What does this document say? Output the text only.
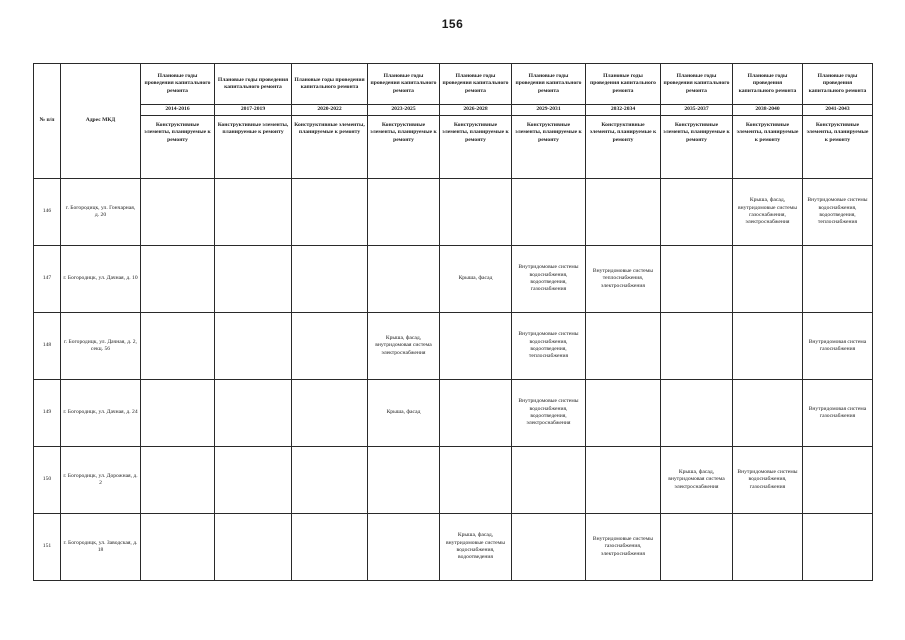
156
№ п/п	Адрес МКД	Плановые годы проведения капитального ремонта	Плановые годы проведения капитального ремонта	Плановые годы проведения капитального ремонта	Плановые годы проведения капитального ремонта	Плановые годы проведения капитального ремонта	Плановые годы проведения капитального ремонта	Плановые годы проведения капитального ремонта	Плановые годы проведения капитального ремонта	Плановые годы проведения капитального ремонта	Плановые годы проведения капитального ремонта
		2014-2016	2017-2019	2020-2022	2023-2025	2026-2028	2029-2031	2032-2034	2035-2037	2038-2040	2041-2043
		Конструктивные элементы, планируемые к ремонту	Конструктивные элементы, планируемые к ремонту	Конструктивные элементы, планируемые к ремонту	Конструктивные элементы, планируемые к ремонту	Конструктивные элементы, планируемые к ремонту	Конструктивные элементы, планируемые к ремонту	Конструктивные элементы, планируемые к ремонту	Конструктивные элементы, планируемые к ремонту	Конструктивные элементы, планируемые к ремонту	Конструктивные элементы, планируемые к ремонту
146	г. Богородицк, ул. Гончарная, д. 20									Крыша, фасад, внутридомовые системы газоснабжения, электроснабжения	Внутридомовые системы водоснабжения, водоотведения, теплоснабжения
147	г. Богородицк, ул. Дачная, д. 10					Крыша, фасад	Внутридомовые системы водоснабжения, водоотведения, газоснабжения	Внутридомовые системы теплоснабжения, электроснабжения			
148	г. Богородицк, ул. Дачная, д. 2, секц. 56				Крыша, фасад, внутридомовая система электроснабжения		Внутридомовые системы водоснабжения, водоотведения, теплоснабжения				Внутридомовая система газоснабжения
149	г. Богородицк, ул. Дачная, д. 24				Крыша, фасад		Внутридомовые системы водоснабжения, водоотведения, электроснабжения				Внутридомовая система газоснабжения
150	г. Богородицк, ул. Дорожная, д. 2								Крыша, фасад, внутридомовая система электроснабжения	Внутридомовые системы водоснабжения, газоснабжения	
151	г. Богородицк, ул. Заводская, д. 18					Крыша, фасад, внутридомовые системы водоснабжения, водоотведения		Внутридомовые системы газоснабжения, электроснабжения			
